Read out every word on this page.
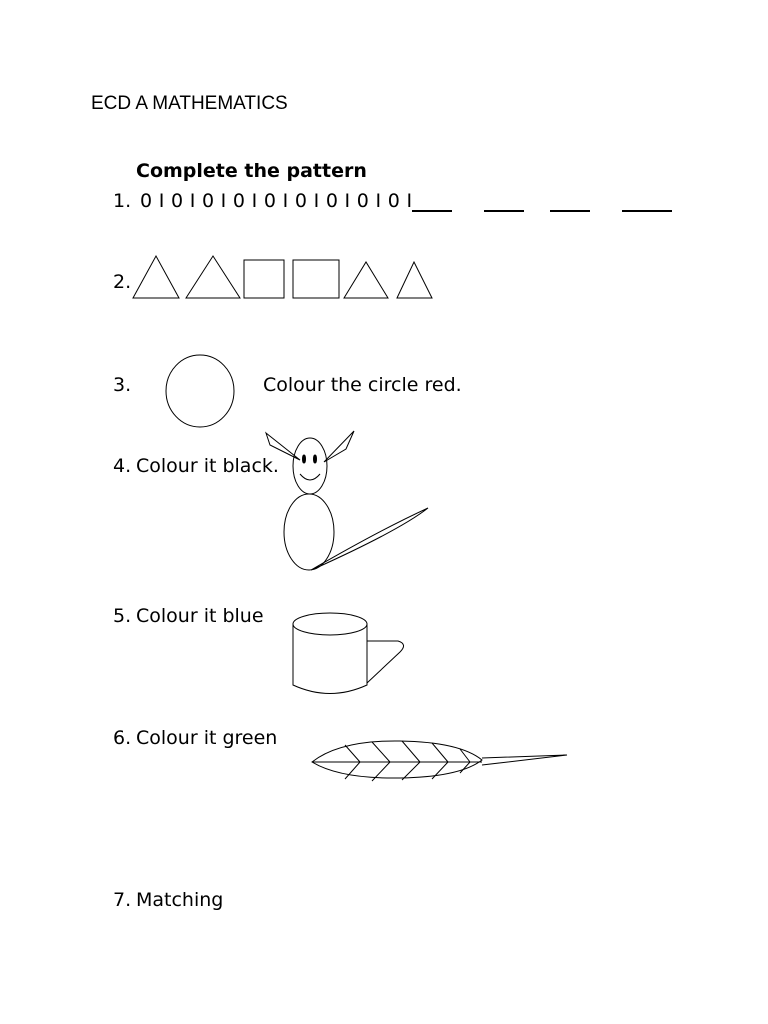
ECD A MATHEMATICS
Complete the pattern
1. 0 I 0 I 0 I 0 I 0 I 0 I 0 I 0 I 0 I
2.
3.	Colour the circle red.
4. Colour it black.
5. Colour it blue
6. Colour it green
7. Matching
